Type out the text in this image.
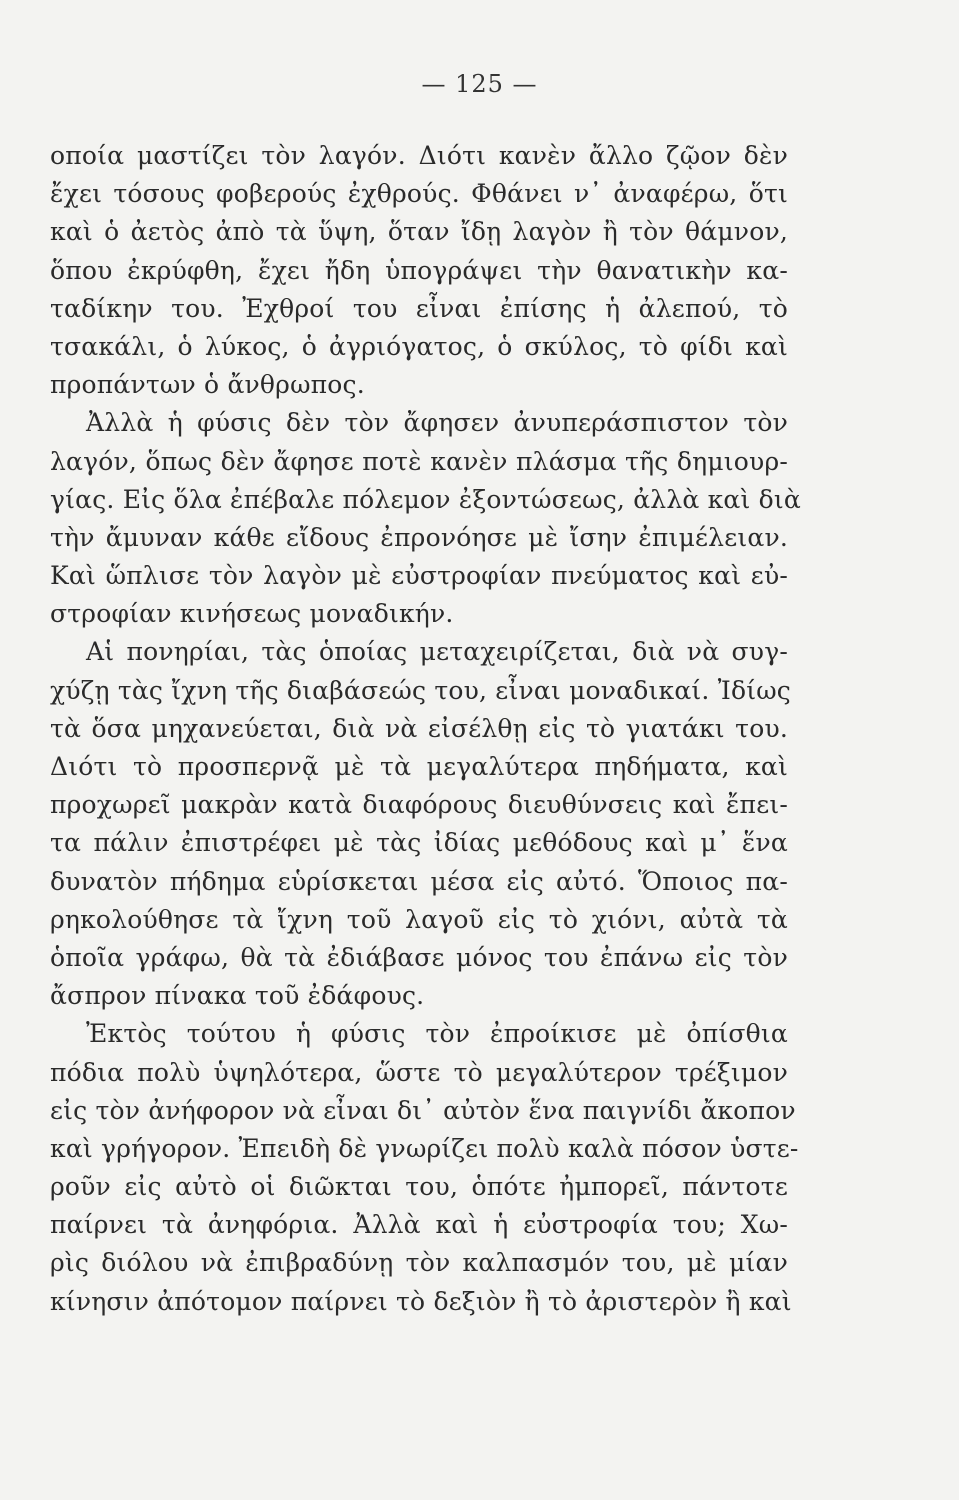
— 125 —
οποία μαστίζει τὸν λαγόν. Διότι κανὲν ἄλλο ζῷον δὲν
ἔχει τόσους φοβερούς ἐχθρούς. Φθάνει ν᾽ ἀναφέρω, ὅτι
καὶ ὁ ἀετὸς ἀπὸ τὰ ὕψη, ὅταν ἴδῃ λαγὸν ἢ τὸν θάμνον,
ὅπου ἐκρύφθη, ἔχει ἤδη ὑπογράψει τὴν θανατικὴν κα-
ταδίκην του. Ἐχθροί του εἶναι ἐπίσης ἡ ἀλεπού, τὸ
τσακάλι, ὁ λύκος, ὁ ἀγριόγατος, ὁ σκύλος, τὸ φίδι καὶ
προπάντων ὁ ἄνθρωπος.
Ἀλλὰ ἡ φύσις δὲν τὸν ἄφησεν ἀνυπεράσπιστον τὸν
λαγόν, ὅπως δὲν ἄφησε ποτὲ κανὲν πλάσμα τῆς δημιουρ-
γίας. Εἰς ὅλα ἐπέβαλε πόλεμον ἐξοντώσεως, ἀλλὰ καὶ διὰ
τὴν ἄμυναν κάθε εἴδους ἐπρονόησε μὲ ἴσην ἐπιμέλειαν.
Καὶ ὥπλισε τὸν λαγὸν μὲ εὐστροφίαν πνεύματος καὶ εὐ-
στροφίαν κινήσεως μοναδικήν.
Αἱ πονηρίαι, τὰς ὁποίας μεταχειρίζεται, διὰ νὰ συγ-
χύζῃ τὰς ἴχνη τῆς διαβάσεώς του, εἶναι μοναδικαί. Ἰδίως
τὰ ὅσα μηχανεύεται, διὰ νὰ εἰσέλθῃ εἰς τὸ γιατάκι του.
Διότι τὸ προσπερνᾷ μὲ τὰ μεγαλύτερα πηδήματα, καὶ
προχωρεῖ μακρὰν κατὰ διαφόρους διευθύνσεις καὶ ἔπει-
τα πάλιν ἐπιστρέφει μὲ τὰς ἰδίας μεθόδους καὶ μ᾽ ἕνα
δυνατὸν πήδημα εὑρίσκεται μέσα εἰς αὐτό. Ὅποιος πα-
ρηκολούθησε τὰ ἴχνη τοῦ λαγοῦ εἰς τὸ χιόνι, αὐτὰ τὰ
ὁποῖα γράφω, θὰ τὰ ἐδιάβασε μόνος του ἐπάνω εἰς τὸν
ἄσπρον πίνακα τοῦ ἐδάφους.
Ἐκτὸς τούτου ἡ φύσις τὸν ἐπροίκισε μὲ ὀπίσθια
πόδια πολὺ ὑψηλότερα, ὥστε τὸ μεγαλύτερον τρέξιμον
εἰς τὸν ἀνήφορον νὰ εἶναι δι᾽ αὐτὸν ἕνα παιγνίδι ἄκοπον
καὶ γρήγορον. Ἐπειδὴ δὲ γνωρίζει πολὺ καλὰ πόσον ὑστε-
ροῦν εἰς αὐτὸ οἱ διῶκται του, ὁπότε ἠμπορεῖ, πάντοτε
παίρνει τὰ ἀνηφόρια. Ἀλλὰ καὶ ἡ εὐστροφία του; Χω-
ρὶς διόλου νὰ ἐπιβραδύνῃ τὸν καλπασμόν του, μὲ μίαν
κίνησιν ἀπότομον παίρνει τὸ δεξιὸν ἢ τὸ ἀριστερὸν ἢ καὶ
